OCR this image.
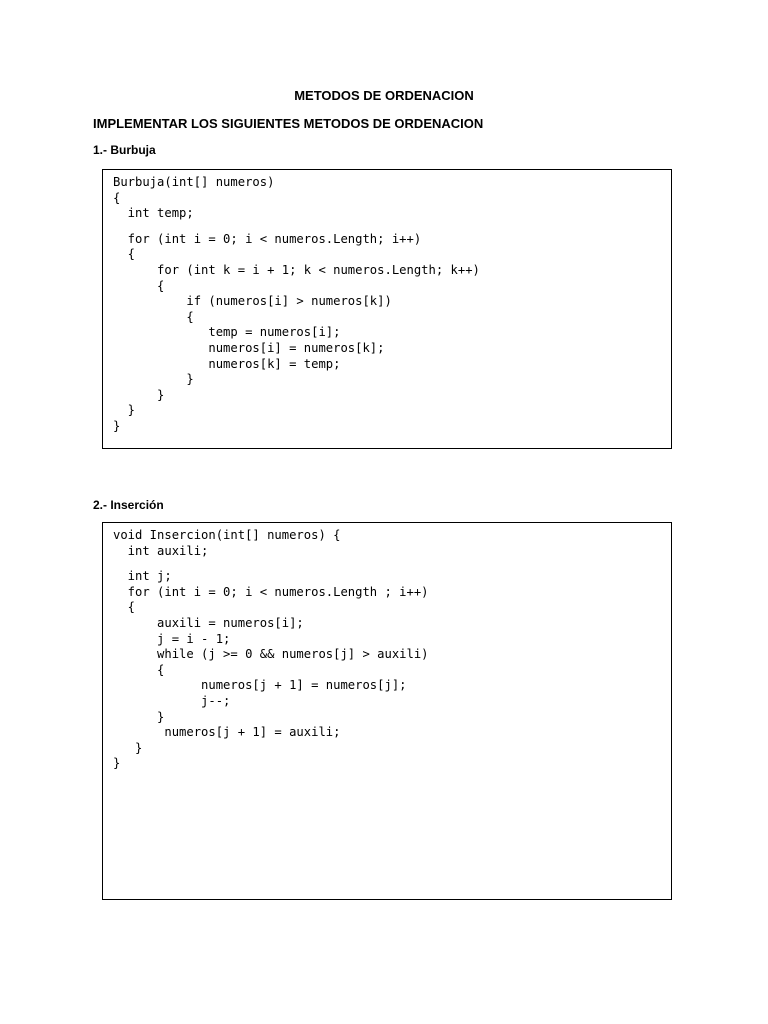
METODOS DE ORDENACION
IMPLEMENTAR LOS SIGUIENTES METODOS DE ORDENACION
1.- Burbuja
Burbuja(int[] numeros)
{
int temp;
for (int i = 0; i < numeros.Length; i++)
{
for (int k = i + 1; k < numeros.Length; k++)
{
if (numeros[i] > numeros[k])
{
temp = numeros[i];
numeros[i] = numeros[k];
numeros[k] = temp;
}
}
}
}
2.- Inserción
void Insercion(int[] numeros) {
int auxili;
int j;
for (int i = 0; i < numeros.Length ; i++)
{
auxili = numeros[i];
j = i - 1;
while (j >= 0 && numeros[j] > auxili)
{
numeros[j + 1] = numeros[j];
j--;
}
numeros[j + 1] = auxili;
}
}
